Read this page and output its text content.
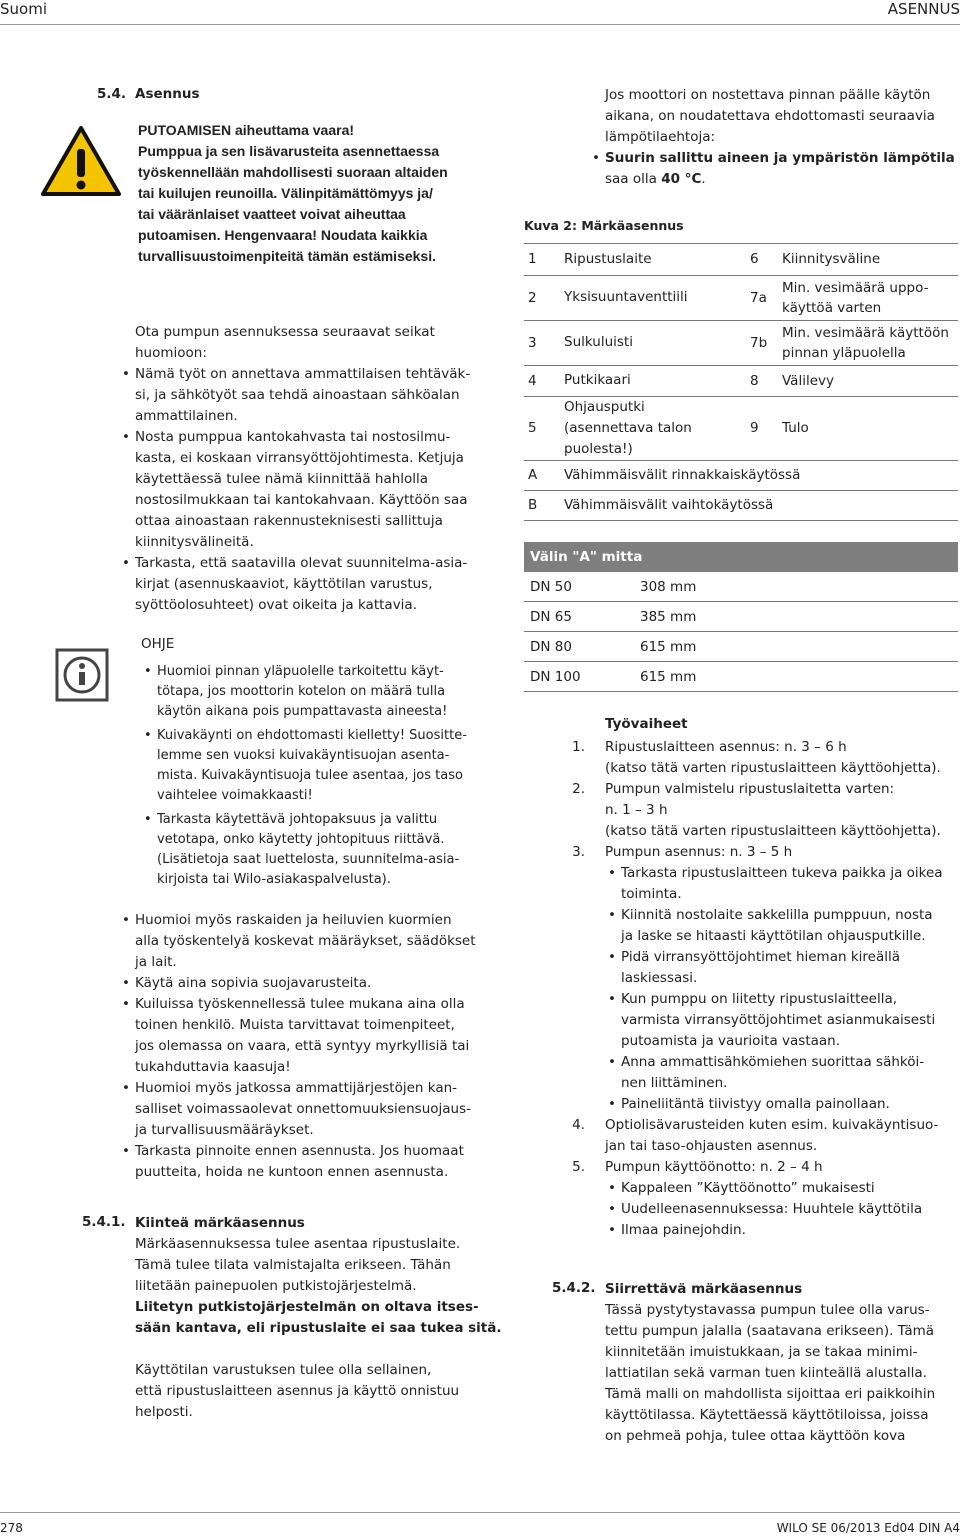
Suomi	ASENNUS
5.4. Asennus
PUTOAMISEN aiheuttama vaara!
Pumppua ja sen lisävarusteita asennettaessa
työskennellään mahdollisesti suoraan altaiden
tai kuilujen reunoilla. Välinpitämättömyys ja/
tai vääränlaiset vaatteet voivat aiheuttaa
putoamisen. Hengenvaara! Noudata kaikkia
turvallisuustoimenpiteitä tämän estämiseksi.
Ota pumpun asennuksessa seuraavat seikat
huomioon:
• Nämä työt on annettava ammattilaisen tehtäväk-
si, ja sähkötyöt saa tehdä ainoastaan sähköalan
ammattilainen.
• Nosta pumppua kantokahvasta tai nostosilmu-
kasta, ei koskaan virransyöttöjohtimesta. Ketjuja
käytettäessä tulee nämä kiinnittää hahlolla
nostosilmukkaan tai kantokahvaan. Käyttöön saa
ottaa ainoastaan rakennusteknisesti sallittuja
kiinnitysvälineitä.
• Tarkasta, että saatavilla olevat suunnitelma-asia-
kirjat (asennuskaaviot, käyttötilan varustus,
syöttöolosuhteet) ovat oikeita ja kattavia.
OHJE
• Huomioi pinnan yläpuolelle tarkoitettu käyt-
tötapa, jos moottorin kotelon on määrä tulla
käytön aikana pois pumpattavasta aineesta!
• Kuivakäynti on ehdottomasti kielletty! Suositte-
lemme sen vuoksi kuivakäyntisuojan asenta-
mista. Kuivakäyntisuoja tulee asentaa, jos taso
vaihtelee voimakkaasti!
• Tarkasta käytettävä johtopaksuus ja valittu
vetotapa, onko käytetty johtopituus riittävä.
(Lisätietoja saat luettelosta, suunnitelma-asia-
kirjoista tai Wilo-asiakaspalvelusta).
• Huomioi myös raskaiden ja heiluvien kuormien
alla työskentelyä koskevat määräykset, säädökset
ja lait.
• Käytä aina sopivia suojavarusteita.
• Kuiluissa työskennellessä tulee mukana aina olla
toinen henkilö. Muista tarvittavat toimenpiteet,
jos olemassa on vaara, että syntyy myrkyllisiä tai
tukahduttavia kaasuja!
• Huomioi myös jatkossa ammattijärjestöjen kan-
salliset voimassaolevat onnettomuuksiensuojaus-
ja turvallisuusmääräykset.
• Tarkasta pinnoite ennen asennusta. Jos huomaat
puutteita, hoida ne kuntoon ennen asennusta.
5.4.1. Kiinteä märkäasennus
Märkäasennuksessa tulee asentaa ripustuslaite.
Tämä tulee tilata valmistajalta erikseen. Tähän
liitetään painepuolen putkistojärjestelmä.
Liitetyn putkistojärjestelmän on oltava itses-
sään kantava, eli ripustuslaite ei saa tukea sitä.
Käyttötilan varustuksen tulee olla sellainen,
että ripustuslaitteen asennus ja käyttö onnistuu
helposti.
Jos moottori on nostettava pinnan päälle käytön
aikana, on noudatettava ehdottomasti seuraavia
lämpötilaehtoja:
• Suurin sallittu aineen ja ympäristön lämpötila
saa olla 40 °C.
Kuva 2: Märkäasennus
1	Ripustuslaite	6	Kiinnitysväline

2	Yksisuuntaventtiili	7a	Min. vesimäärä uppo-
käyttöä varten

3	Sulkuluisti	7b	Min. vesimäärä käyttöön
pinnan yläpuolella

4	Putkikaari	8	Välilevy

5	Ohjausputki
(asennettava talon
puolesta!)	9	Tulo

A	Vähimmäisvälit rinnakkaiskäytössä		
B	Vähimmäisvälit vaihtokäytössä		
Välin "A" mitta
DN 50	308 mm
DN 65	385 mm
DN 80	615 mm
DN 100	615 mm
Työvaiheet
1. Ripustuslaitteen asennus: n. 3 – 6 h
(katso tätä varten ripustuslaitteen käyttöohjetta).
2. Pumpun valmistelu ripustuslaitetta varten:
n. 1 – 3 h
(katso tätä varten ripustuslaitteen käyttöohjetta).
3. Pumpun asennus: n. 3 – 5 h
• Tarkasta ripustuslaitteen tukeva paikka ja oikea
toiminta.
• Kiinnitä nostolaite sakkelilla pumppuun, nosta
ja laske se hitaasti käyttötilan ohjausputkille.
• Pidä virransyöttöjohtimet hieman kireällä
laskiessasi.
• Kun pumppu on liitetty ripustuslaitteella,
varmista virransyöttöjohtimet asianmukaisesti
putoamista ja vaurioita vastaan.
• Anna ammattisähkömiehen suorittaa sähköi-
nen liittäminen.
• Paineliitäntä tiivistyy omalla painollaan.
4. Optiolisävarusteiden kuten esim. kuivakäyntisuo-
jan tai taso-ohjausten asennus.
5. Pumpun käyttöönotto: n. 2 – 4 h
• Kappaleen ”Käyttöönotto” mukaisesti
• Uudelleenasennuksessa: Huuhtele käyttötila
• Ilmaa painejohdin.
5.4.2. Siirrettävä märkäasennus
Tässä pystytystavassa pumpun tulee olla varus-
tettu pumpun jalalla (saatavana erikseen). Tämä
kiinnitetään imuistukkaan, ja se takaa minimi-
lattiatilan sekä varman tuen kiinteällä alustalla.
Tämä malli on mahdollista sijoittaa eri paikkoihin
käyttötilassa. Käytettäessä käyttötiloissa, joissa
on pehmeä pohja, tulee ottaa käyttöön kova
278	WILO SE 06/2013 Ed04 DIN A4
